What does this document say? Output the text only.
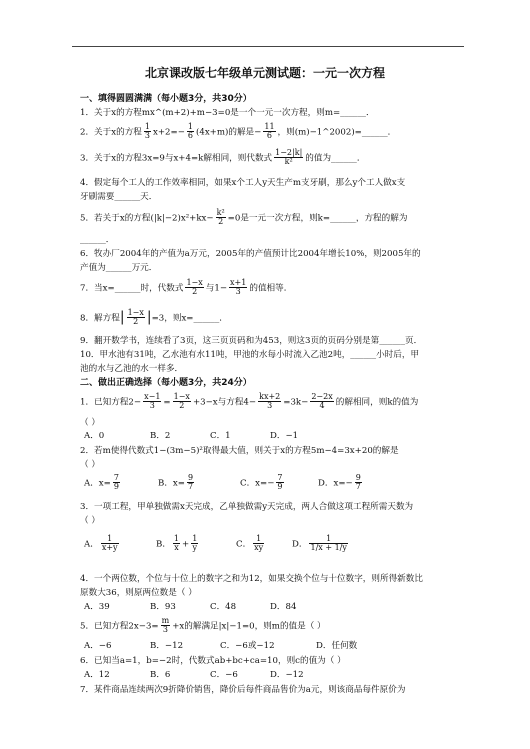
北京课改版七年级单元测试题：一元一次方程
一、填得圆圆满满（每小题3分，共30分）
1．关于x的方程mx^(m+2)+m−3=0是一个一元一次方程，则m=______．
2．关于x的方程 $\frac{1}{3} x+2=- \frac{1}{6} (4x+m)$的解是− $\frac{11}{6}$ ，则(m)−1^2002)=______．
3．关于x的方程3x=9与x+4=k解相同，则代数式 $\frac{1-2|k|}{\text{k²}}$ 的值为______．
4．假定每个工人的工作效率相同，如果x个工人y天生产m支牙刷，那么y个工人做x支
牙刷需要______天．
5．若关于x的方程$(|k|-2)x^2+kx- \frac{\text{k²}}{2} =0$是一元一次方程，则k=______，方程的解为
______．
6．牧办厂2004年的产值为a万元，2005年的产值预计比2004年增长10%，则2005年的
产值为______万元．
7．当x=______时，代数式 $\frac{1-x}{2}$ 与$1- \frac{x+1}{3}$ 的值相等．
8．解方程| $\frac{1-x}{2} |=3$，则x=______．
9．翻开数学书，连续看了3页，这三页页码和为453，则这3页的页码分别是第______页．
10．甲水池有31吨，乙水池有水11吨，甲池的水每小时流入乙池2吨，______小时后，甲
池的水与乙池的水一样多．
二、做出正确选择（每小题3分，共24分）
1．已知方程$2- \frac{x-1}{3} = \frac{1-x}{2} +3-x$与方程$4- \frac{kx+2}{3} =3k- \frac{2-2x}{4}$ 的解相同，则k的值为
（ ）
A．0	B．2	C．1	D．−1
2．若m使得代数式1−(3m−5)²取得最大值，则关于x的方程5m−4=3x+20的解是
（ ）
A．$x= \frac{7}{9}$	B．$x= \frac{9}{7}$	C．$x=- \frac{7}{9}$	D．$x=- \frac{9}{7}$
3．一项工程，甲单独做需x天完成，乙单独做需y天完成，两人合做这项工程所需天数为
（ ）
A． $\frac{1}{x+y}$	B． $\frac{1}{x} + \frac{1}{y}$	C． $\frac{1}{xy}$	D． $\frac{1}{1/x + 1/y}$
4．一个两位数，个位与十位上的数字之和为12，如果交换个位与十位数字，则所得新数比
原数大36，则原两位数是（ ）
A．39	B．93	C．48	D．84
5．已知方程$2x-3= \frac{m}{3} +x$的解满足|x|−1=0，则m的值是（ ）
A．−6	B．−12	C．−6或−12	D．任何数
6．已知当a=1，b=−2时，代数式ab+bc+ca=10，则c的值为（ ）
A．12	B．6	C．−6	D．−12
7．某件商品连续两次9折降价销售，降价后每件商品售价为a元，则该商品每件原价为
